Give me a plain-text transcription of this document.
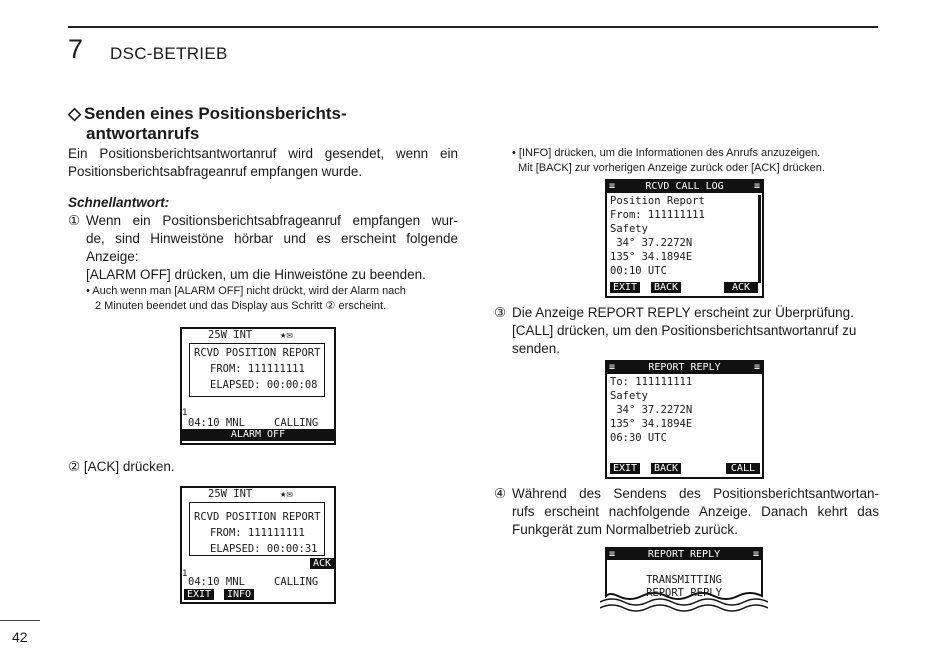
7 DSC-BETRIEB
◇ Senden eines Positionsberichts-
antwortanrufs
Ein Positionsberichtsantwortanruf wird gesendet, wenn ein
Positionsberichtsabfrageanruf empfangen wurde.
Schnellantwort:
① Wenn ein Positionsberichtsabfrageanruf empfangen wur-
de, sind Hinweistöne hörbar und es erscheint folgende
Anzeige:
[ALARM OFF] drücken, um die Hinweistöne zu beenden.
• Auch wenn man [ALARM OFF] nicht drückt, wird der Alarm nach
2 Minuten beendet und das Display aus Schritt ② erscheint.
25W INT	★✉
RCVD POSITION REPORT
FROM: 111111111
ELAPSED: 00:00:08
1
04:10 MNL	CALLING
ALARM OFF
② [ACK] drücken.
25W INT	★✉
RCVD POSITION REPORT
FROM: 111111111
ELAPSED: 00:00:31
ACK
1
04:10 MNL	CALLING
EXIT	INFO
• [INFO] drücken, um die Informationen des Anrufs anzuzeigen.
Mit [BACK] zur vorherigen Anzeige zurück oder [ACK] drücken.
≡	RCVD CALL LOG	≡
Position Report
From: 111111111
Safety
34° 37.2272N
135° 34.1894E
00:10 UTC
EXIT	BACK	ACK
③ Die Anzeige REPORT REPLY erscheint zur Überprüfung.
[CALL] drücken, um den Positionsberichtsantwortanruf zu
senden.
≡	REPORT REPLY	≡
To: 111111111
Safety
34° 37.2272N
135° 34.1894E
06:30 UTC
EXIT	BACK	CALL
④ Während des Sendens des Positionsberichtsantwortan-
rufs erscheint nachfolgende Anzeige. Danach kehrt das
Funkgerät zum Normalbetrieb zurück.
≡	REPORT REPLY	≡
TRANSMITTING
REPORT REPLY
42
